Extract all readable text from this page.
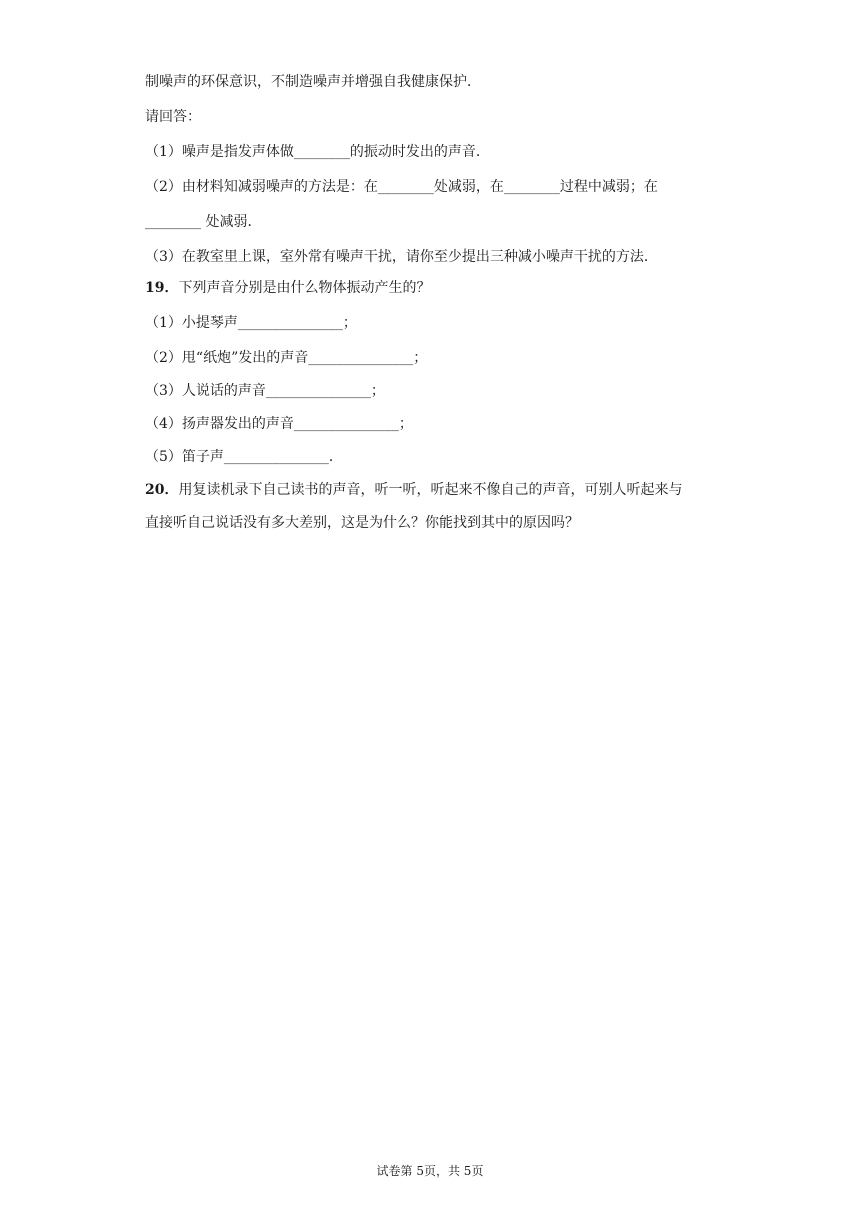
制噪声的环保意识，不制造噪声并增强自我健康保护．
请回答：
（1）噪声是指发声体做________的振动时发出的声音．
（2）由材料知减弱噪声的方法是：在________处减弱，在________过程中减弱；在
________ 处减弱．
（3）在教室里上课，室外常有噪声干扰，请你至少提出三种减小噪声干扰的方法．
19．下列声音分别是由什么物体振动产生的？
（1）小提琴声_______________；
（2）甩“纸炮”发出的声音_______________；
（3）人说话的声音_______________；
（4）扬声器发出的声音_______________；
（5）笛子声_______________．
20．用复读机录下自己读书的声音，听一听，听起来不像自己的声音，可别人听起来与
直接听自己说话没有多大差别，这是为什么？你能找到其中的原因吗？
试卷第 5页，共 5页
